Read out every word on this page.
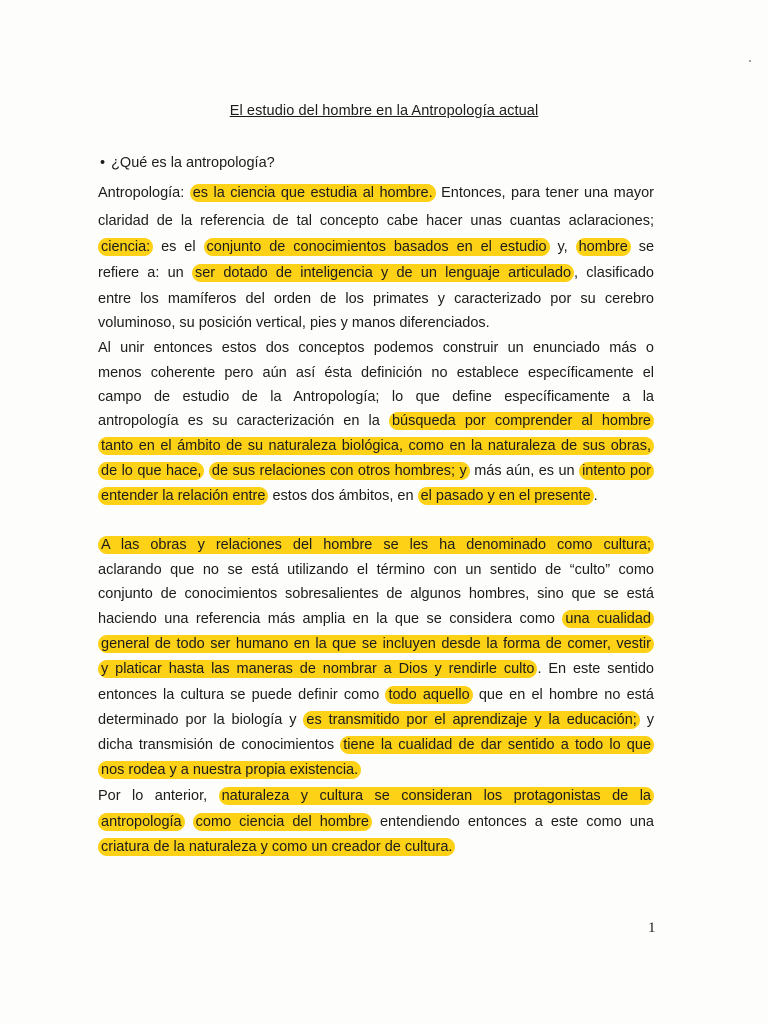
El estudio del hombre en la Antropología actual
• ¿Qué es la antropología?
Antropología: es la ciencia que estudia al hombre. Entonces, para tener una mayor
claridad de la referencia de tal concepto cabe hacer unas cuantas aclaraciones;
ciencia: es el conjunto de conocimientos basados en el estudio y, hombre se
refiere a: un ser dotado de inteligencia y de un lenguaje articulado , clasificado
entre los mamíferos del orden de los primates y caracterizado por su cerebro
voluminoso, su posición vertical, pies y manos diferenciados.
Al unir entonces estos dos conceptos podemos construir un enunciado más o
menos coherente pero aún así ésta definición no establece específicamente el
campo de estudio de la Antropología; lo que define específicamente a la
antropología es su caracterización en la búsqueda por comprender al hombre
tanto en el ámbito de su naturaleza biológica, como en la naturaleza de sus obras,
de lo que hace, de sus relaciones con otros hombres; y más aún, es un intento por
entender la relación entre estos dos ámbitos, en el pasado y en el presente .
A las obras y relaciones del hombre se les ha denominado como cultura;
aclarando que no se está utilizando el término con un sentido de “culto” como
conjunto de conocimientos sobresalientes de algunos hombres, sino que se está
haciendo una referencia más amplia en la que se considera como una cualidad
general de todo ser humano en la que se incluyen desde la forma de comer, vestir
y platicar hasta las maneras de nombrar a Dios y rendirle culto . En este sentido
entonces la cultura se puede definir como todo aquello que en el hombre no está
determinado por la biología y es transmitido por el aprendizaje y la educación; y
dicha transmisión de conocimientos tiene la cualidad de dar sentido a todo lo que
nos rodea y a nuestra propia existencia.
Por lo anterior, naturaleza y cultura se consideran los protagonistas de la
antropología como ciencia del hombre entendiendo entonces a este como una
criatura de la naturaleza y como un creador de cultura.
1
